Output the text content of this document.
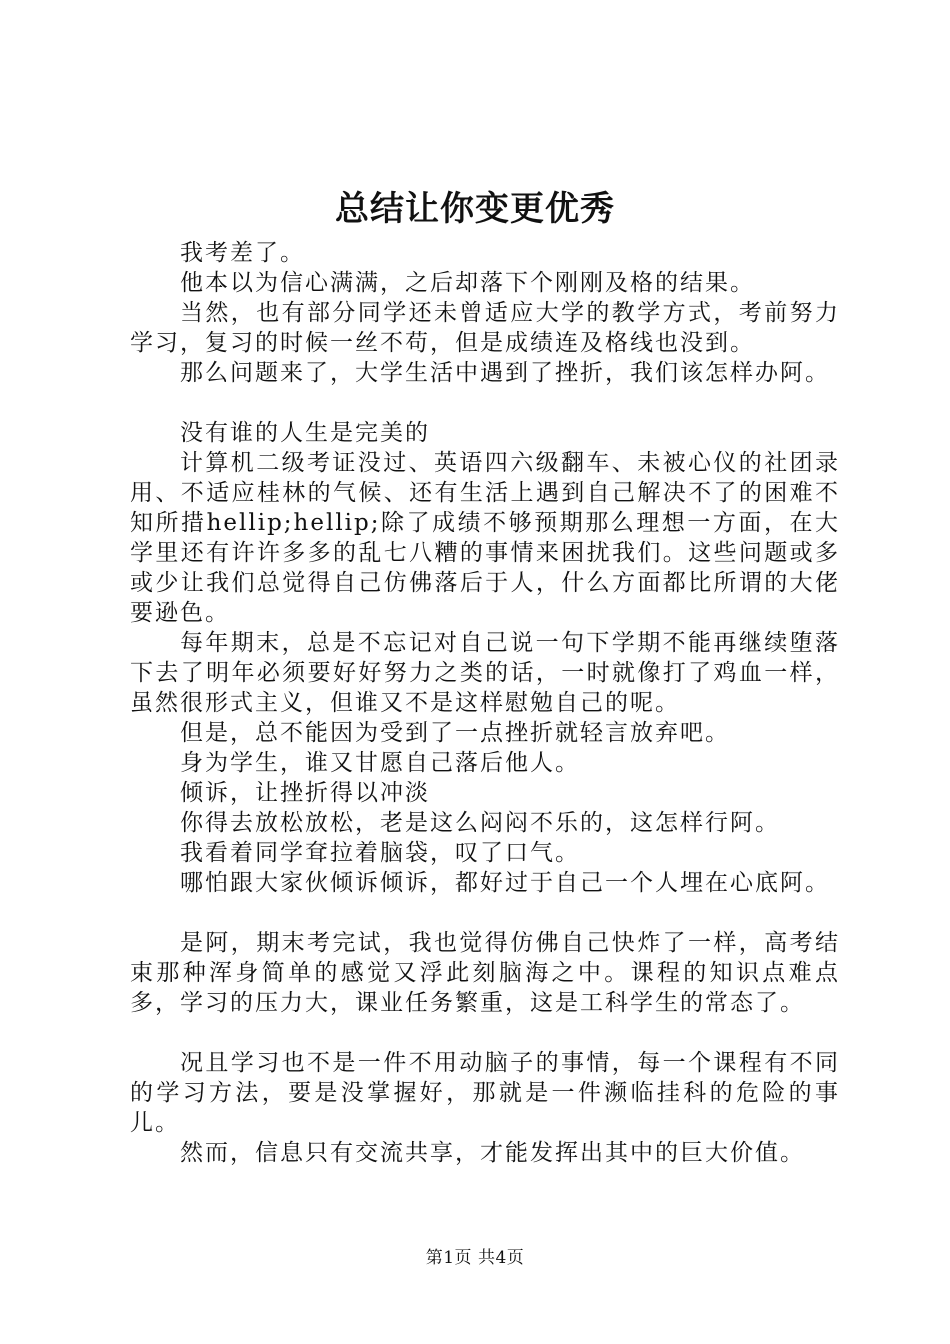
总结让你变更优秀

我考差了。

他本以为信心满满，之后却落下个刚刚及格的结果。

当然，也有部分同学还未曾适应大学的教学方式，考前努力学习，复习的时候一丝不苟，但是成绩连及格线也没到。

那么问题来了，大学生活中遇到了挫折，我们该怎样办阿。

没有谁的人生是完美的

计算机二级考证没过、英语四六级翻车、未被心仪的社团录用、不适应桂林的气候、还有生活上遇到自己解决不了的困难不知所措hellip;hellip;除了成绩不够预期那么理想一方面，在大学里还有许许多多的乱七八糟的事情来困扰我们。这些问题或多或少让我们总觉得自己仿佛落后于人，什么方面都比所谓的大佬要逊色。

每年期末，总是不忘记对自己说一句下学期不能再继续堕落下去了明年必须要好好努力之类的话，一时就像打了鸡血一样，虽然很形式主义，但谁又不是这样慰勉自己的呢。

但是，总不能因为受到了一点挫折就轻言放弃吧。

身为学生，谁又甘愿自己落后他人。

倾诉，让挫折得以冲淡

你得去放松放松，老是这么闷闷不乐的，这怎样行阿。

我看着同学耷拉着脑袋，叹了口气。

哪怕跟大家伙倾诉倾诉，都好过于自己一个人埋在心底阿。

是阿，期末考完试，我也觉得仿佛自己快炸了一样，高考结束那种浑身简单的感觉又浮此刻脑海之中。课程的知识点难点多，学习的压力大，课业任务繁重，这是工科学生的常态了。

况且学习也不是一件不用动脑子的事情，每一个课程有不同的学习方法，要是没掌握好，那就是一件濒临挂科的危险的事儿。

然而，信息只有交流共享，才能发挥出其中的巨大价值。

第1页 共4页
